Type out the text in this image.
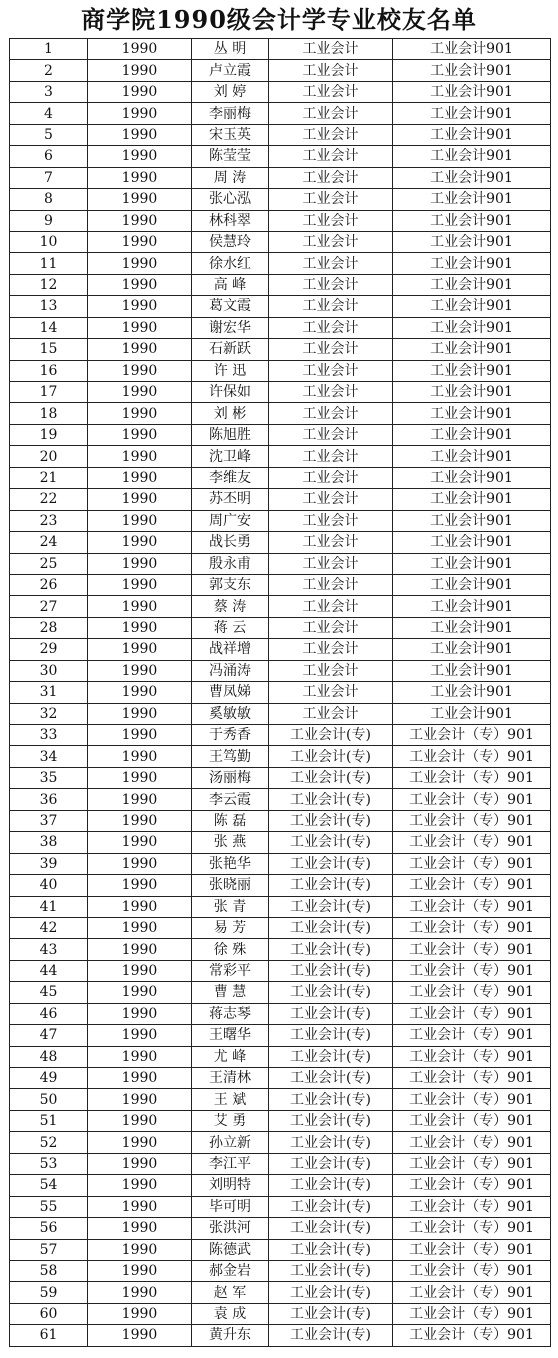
商学院1990级会计学专业校友名单
1	1990	丛 明	工业会计	工业会计901
2	1990	卢立霞	工业会计	工业会计901
3	1990	刘 婷	工业会计	工业会计901
4	1990	李丽梅	工业会计	工业会计901
5	1990	宋玉英	工业会计	工业会计901
6	1990	陈莹莹	工业会计	工业会计901
7	1990	周 涛	工业会计	工业会计901
8	1990	张心泓	工业会计	工业会计901
9	1990	林科翠	工业会计	工业会计901
10	1990	侯慧玲	工业会计	工业会计901
11	1990	徐水红	工业会计	工业会计901
12	1990	高 峰	工业会计	工业会计901
13	1990	葛文霞	工业会计	工业会计901
14	1990	谢宏华	工业会计	工业会计901
15	1990	石新跃	工业会计	工业会计901
16	1990	许 迅	工业会计	工业会计901
17	1990	许保如	工业会计	工业会计901
18	1990	刘 彬	工业会计	工业会计901
19	1990	陈旭胜	工业会计	工业会计901
20	1990	沈卫峰	工业会计	工业会计901
21	1990	李维友	工业会计	工业会计901
22	1990	苏丕明	工业会计	工业会计901
23	1990	周广安	工业会计	工业会计901
24	1990	战长勇	工业会计	工业会计901
25	1990	殷永甫	工业会计	工业会计901
26	1990	郭支东	工业会计	工业会计901
27	1990	蔡 涛	工业会计	工业会计901
28	1990	蒋 云	工业会计	工业会计901
29	1990	战祥增	工业会计	工业会计901
30	1990	冯涌涛	工业会计	工业会计901
31	1990	曹凤娣	工业会计	工业会计901
32	1990	奚敏敏	工业会计	工业会计901
33	1990	于秀香	工业会计(专)	工业会计（专）901
34	1990	王笃勤	工业会计(专)	工业会计（专）901
35	1990	汤丽梅	工业会计(专)	工业会计（专）901
36	1990	李云霞	工业会计(专)	工业会计（专）901
37	1990	陈 磊	工业会计(专)	工业会计（专）901
38	1990	张 燕	工业会计(专)	工业会计（专）901
39	1990	张艳华	工业会计(专)	工业会计（专）901
40	1990	张晓丽	工业会计(专)	工业会计（专）901
41	1990	张 青	工业会计(专)	工业会计（专）901
42	1990	易 芳	工业会计(专)	工业会计（专）901
43	1990	徐 殊	工业会计(专)	工业会计（专）901
44	1990	常彩平	工业会计(专)	工业会计（专）901
45	1990	曹 慧	工业会计(专)	工业会计（专）901
46	1990	蒋志琴	工业会计(专)	工业会计（专）901
47	1990	王曙华	工业会计(专)	工业会计（专）901
48	1990	尤 峰	工业会计(专)	工业会计（专）901
49	1990	王清林	工业会计(专)	工业会计（专）901
50	1990	王 斌	工业会计(专)	工业会计（专）901
51	1990	艾 勇	工业会计(专)	工业会计（专）901
52	1990	孙立新	工业会计(专)	工业会计（专）901
53	1990	李江平	工业会计(专)	工业会计（专）901
54	1990	刘明特	工业会计(专)	工业会计（专）901
55	1990	毕可明	工业会计(专)	工业会计（专）901
56	1990	张洪河	工业会计(专)	工业会计（专）901
57	1990	陈德武	工业会计(专)	工业会计（专）901
58	1990	郝金岩	工业会计(专)	工业会计（专）901
59	1990	赵 军	工业会计(专)	工业会计（专）901
60	1990	袁 成	工业会计(专)	工业会计（专）901
61	1990	黄升东	工业会计(专)	工业会计（专）901
